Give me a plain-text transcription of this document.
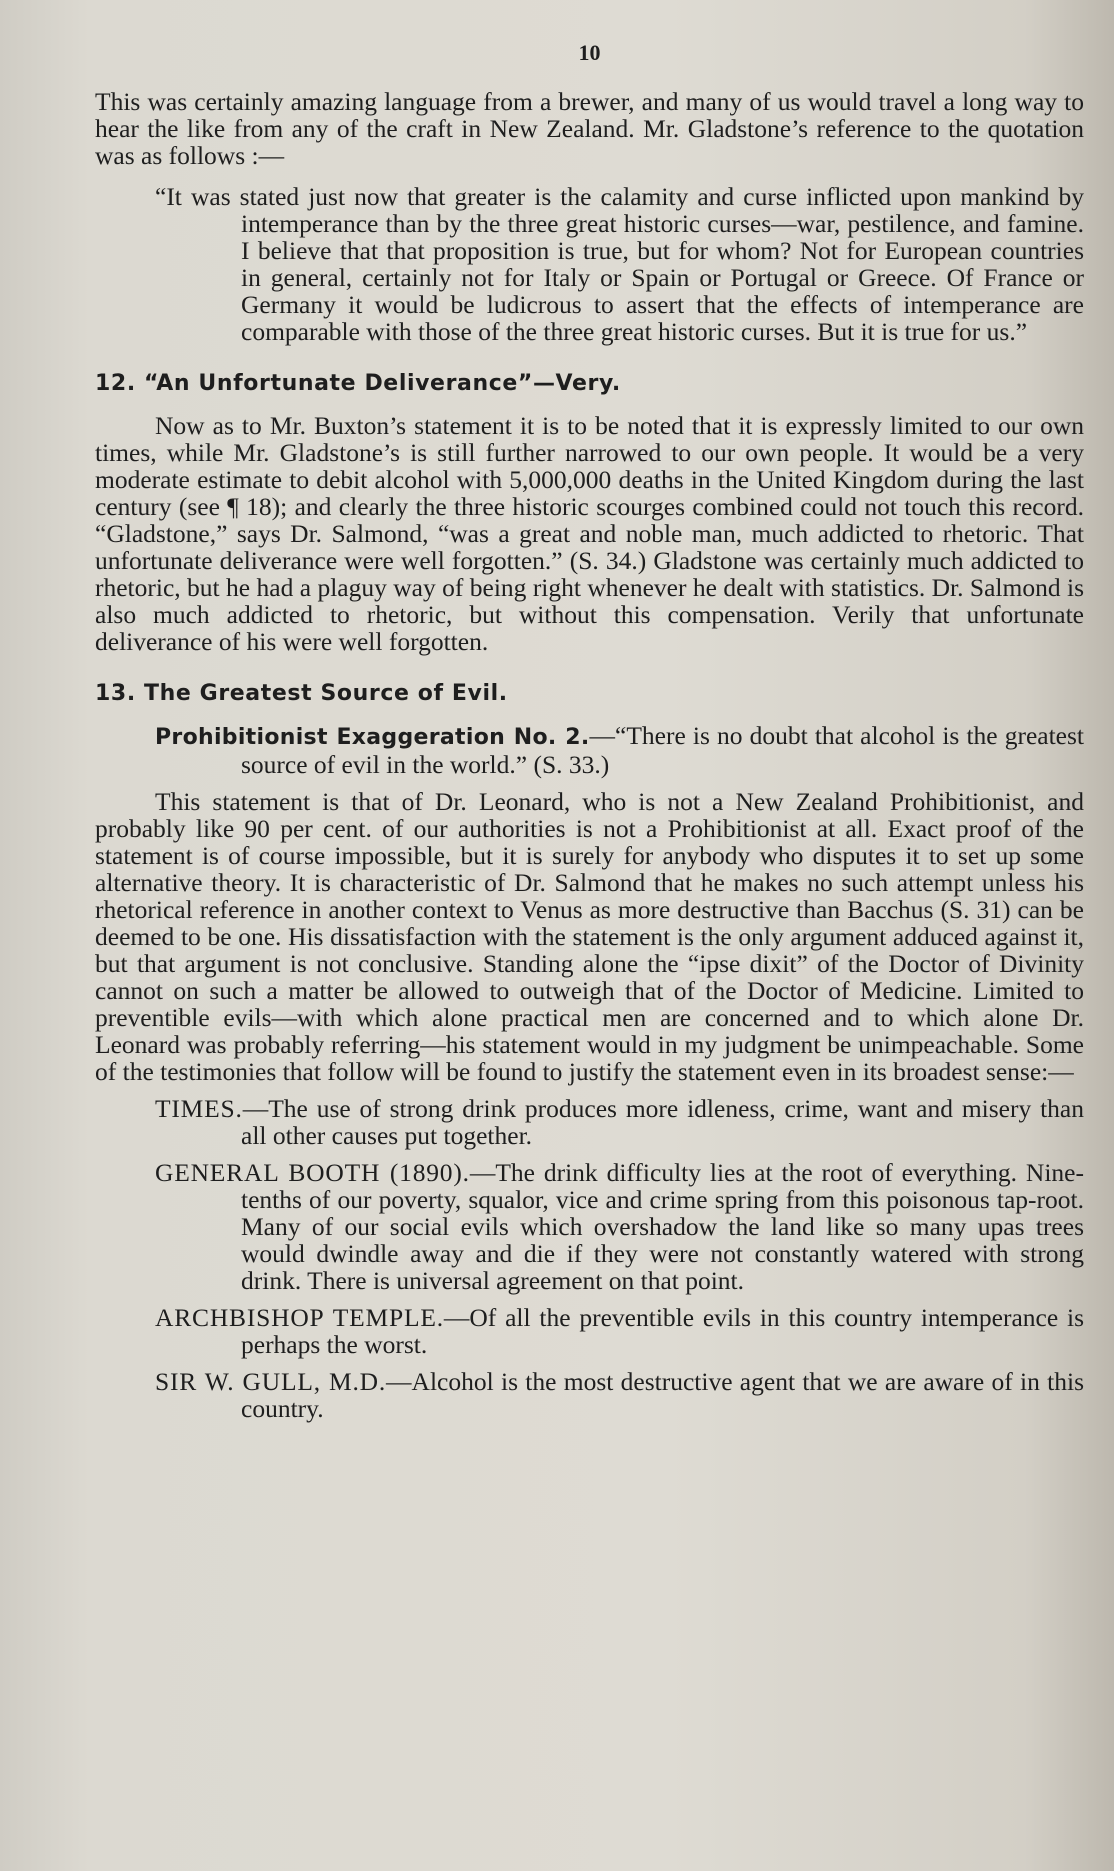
10

This was certainly amazing language from a brewer, and many of us would travel a long way to hear the like from any of the craft in New Zealand. Mr. Gladstone’s reference to the quotation was as follows :—

“It was stated just now that greater is the calamity and curse inflicted upon mankind by intemperance than by the three great historic curses—war, pestilence, and famine. I believe that that proposition is true, but for whom? Not for European countries in general, certainly not for Italy or Spain or Portugal or Greece. Of France or Germany it would be ludicrous to assert that the effects of intemperance are comparable with those of the three great historic curses. But it is true for us.”

12. “An Unfortunate Deliverance”—Very.

Now as to Mr. Buxton’s statement it is to be noted that it is expressly limited to our own times, while Mr. Gladstone’s is still further narrowed to our own people. It would be a very moderate estimate to debit alcohol with 5,000,000 deaths in the United Kingdom during the last century (see ¶ 18); and clearly the three historic scourges combined could not touch this record. “Gladstone,” says Dr. Salmond, “was a great and noble man, much addicted to rhetoric. That unfortunate deliverance were well forgotten.” (S. 34.) Gladstone was certainly much addicted to rhetoric, but he had a plaguy way of being right whenever he dealt with statistics. Dr. Salmond is also much addicted to rhetoric, but without this compensation. Verily that unfortunate deliverance of his were well forgotten.

13. The Greatest Source of Evil.

Prohibitionist Exaggeration No. 2.—“There is no doubt that alcohol is the greatest source of evil in the world.” (S. 33.)

This statement is that of Dr. Leonard, who is not a New Zealand Prohibitionist, and probably like 90 per cent. of our authorities is not a Prohibitionist at all. Exact proof of the statement is of course impossible, but it is surely for anybody who disputes it to set up some alternative theory. It is characteristic of Dr. Salmond that he makes no such attempt unless his rhetorical reference in another context to Venus as more destructive than Bacchus (S. 31) can be deemed to be one. His dissatisfaction with the statement is the only argument adduced against it, but that argument is not conclusive. Standing alone the “ipse dixit” of the Doctor of Divinity cannot on such a matter be allowed to outweigh that of the Doctor of Medicine. Limited to preventible evils—with which alone practical men are concerned and to which alone Dr. Leonard was probably referring—his statement would in my judgment be unimpeachable. Some of the testimonies that follow will be found to justify the statement even in its broadest sense:—

TIMES.—The use of strong drink produces more idleness, crime, want and misery than all other causes put together.

GENERAL BOOTH (1890).—The drink difficulty lies at the root of everything. Nine-tenths of our poverty, squalor, vice and crime spring from this poisonous tap-root. Many of our social evils which overshadow the land like so many upas trees would dwindle away and die if they were not constantly watered with strong drink. There is universal agreement on that point.

ARCHBISHOP TEMPLE.—Of all the preventible evils in this country intemperance is perhaps the worst.

SIR W. GULL, M.D.—Alcohol is the most destructive agent that we are aware of in this country.
